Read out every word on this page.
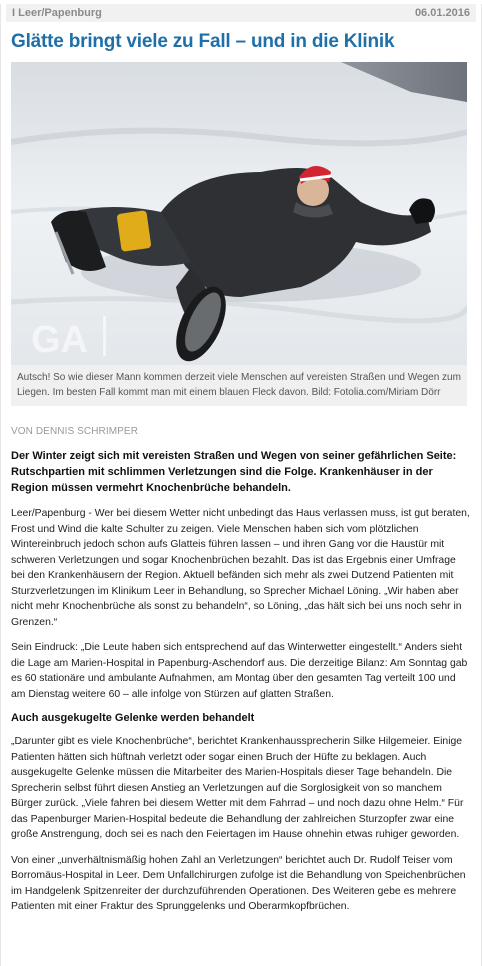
I Leer/Papenburg	06.01.2016
Glätte bringt viele zu Fall – und in die Klinik
GA
Autsch! So wie dieser Mann kommen derzeit viele Menschen auf vereisten Straßen und Wegen zum Liegen. Im besten Fall kommt man mit einem blauen Fleck davon. Bild: Fotolia.com/Miriam Dörr
VON DENNIS SCHRIMPER
Der Winter zeigt sich mit vereisten Straßen und Wegen von seiner gefährlichen Seite: Rutschpartien mit schlimmen Verletzungen sind die Folge. Krankenhäuser in der Region müssen vermehrt Knochenbrüche behandeln.

Leer/Papenburg - Wer bei diesem Wetter nicht unbedingt das Haus verlassen muss, ist gut beraten, Frost und Wind die kalte Schulter zu zeigen. Viele Menschen haben sich vom plötzlichen Wintereinbruch jedoch schon aufs Glatteis führen lassen – und ihren Gang vor die Haustür mit schweren Verletzungen und sogar Knochenbrüchen bezahlt. Das ist das Ergebnis einer Umfrage bei den Krankenhäusern der Region. Aktuell befänden sich mehr als zwei Dutzend Patienten mit Sturzverletzungen im Klinikum Leer in Behandlung, so Sprecher Michael Löning. „Wir haben aber nicht mehr Knochenbrüche als sonst zu behandeln“, so Löning, „das hält sich bei uns noch sehr in Grenzen.“

Sein Eindruck: „Die Leute haben sich entsprechend auf das Winterwetter eingestellt.“ Anders sieht die Lage am Marien-Hospital in Papenburg-Aschendorf aus. Die derzeitige Bilanz: Am Sonntag gab es 60 stationäre und ambulante Aufnahmen, am Montag über den gesamten Tag verteilt 100 und am Dienstag weitere 60 – alle infolge von Stürzen auf glatten Straßen.

Auch ausgekugelte Gelenke werden behandelt

„Darunter gibt es viele Knochenbrüche“, berichtet Krankenhaussprecherin Silke Hilgemeier. Einige Patienten hätten sich hüftnah verletzt oder sogar einen Bruch der Hüfte zu beklagen. Auch ausgekugelte Gelenke müssen die Mitarbeiter des Marien-Hospitals dieser Tage behandeln. Die Sprecherin selbst führt diesen Anstieg an Verletzungen auf die Sorglosigkeit von so manchem Bürger zurück. „Viele fahren bei diesem Wetter mit dem Fahrrad – und noch dazu ohne Helm.“ Für das Papenburger Marien-Hospital bedeute die Behandlung der zahlreichen Sturzopfer zwar eine große Anstrengung, doch sei es nach den Feiertagen im Hause ohnehin etwas ruhiger geworden.

Von einer „unverhältnismäßig hohen Zahl an Verletzungen“ berichtet auch Dr. Rudolf Teiser vom Borromäus-Hospital in Leer. Dem Unfallchirurgen zufolge ist die Behandlung von Speichenbrüchen im Handgelenk Spitzenreiter der durchzuführenden Operationen. Des Weiteren gebe es mehrere Patienten mit einer Fraktur des Sprunggelenks und Oberarmkopfbrüchen.
